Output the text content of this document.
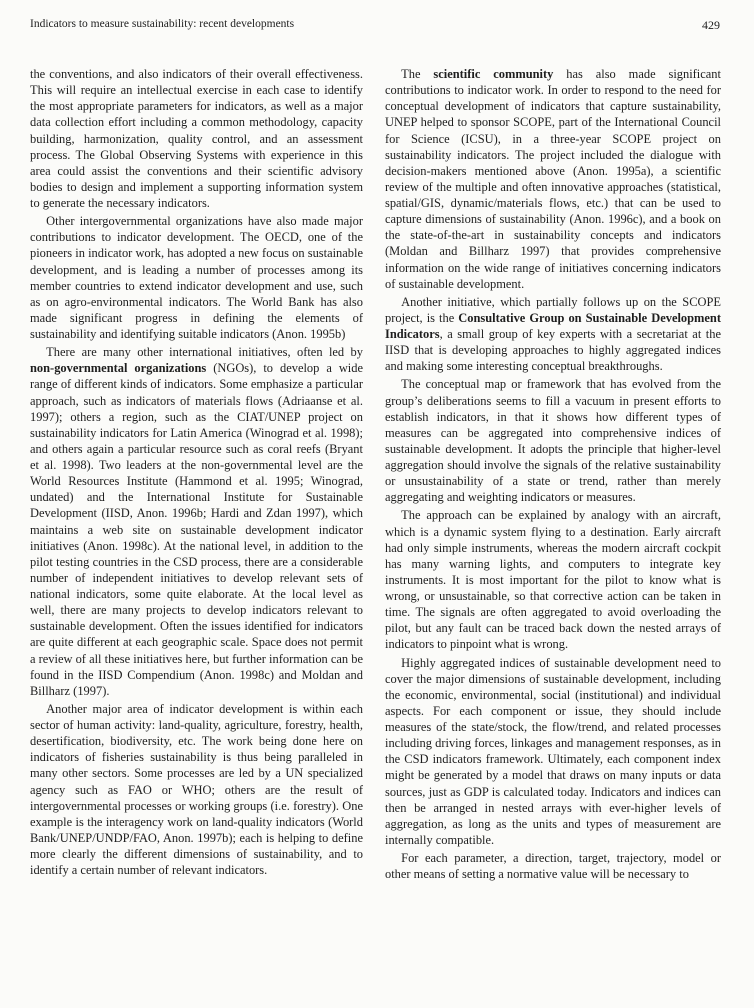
Indicators to measure sustainability: recent developments	429

the conventions, and also indicators of their overall effectiveness. This will require an intellectual exercise in each case to identify the most appropriate parameters for indicators, as well as a major data collection effort including a common methodology, capacity building, harmonization, quality control, and an assessment process. The Global Observing Systems with experience in this area could assist the conventions and their scientific advisory bodies to design and implement a supporting information system to generate the necessary indicators.

Other intergovernmental organizations have also made major contributions to indicator development. The OECD, one of the pioneers in indicator work, has adopted a new focus on sustainable development, and is leading a number of processes among its member countries to extend indicator development and use, such as on agro-environmental indicators. The World Bank has also made significant progress in defining the elements of sustainability and identifying suitable indicators (Anon. 1995b)

There are many other international initiatives, often led by non-governmental organizations (NGOs), to develop a wide range of different kinds of indicators. Some emphasize a particular approach, such as indicators of materials flows (Adriaanse et al. 1997); others a region, such as the CIAT/UNEP project on sustainability indicators for Latin America (Winograd et al. 1998); and others again a particular resource such as coral reefs (Bryant et al. 1998). Two leaders at the non-governmental level are the World Resources Institute (Hammond et al. 1995; Winograd, undated) and the International Institute for Sustainable Development (IISD, Anon. 1996b; Hardi and Zdan 1997), which maintains a web site on sustainable development indicator initiatives (Anon. 1998c). At the national level, in addition to the pilot testing countries in the CSD process, there are a considerable number of independent initiatives to develop relevant sets of national indicators, some quite elaborate. At the local level as well, there are many projects to develop indicators relevant to sustainable development. Often the issues identified for indicators are quite different at each geographic scale. Space does not permit a review of all these initiatives here, but further information can be found in the IISD Compendium (Anon. 1998c) and Moldan and Billharz (1997).

Another major area of indicator development is within each sector of human activity: land-quality, agriculture, forestry, health, desertification, biodiversity, etc. The work being done here on indicators of fisheries sustainability is thus being paralleled in many other sectors. Some processes are led by a UN specialized agency such as FAO or WHO; others are the result of intergovernmental processes or working groups (i.e. forestry). One example is the interagency work on land-quality indicators (World Bank/UNEP/UNDP/FAO, Anon. 1997b); each is helping to define more clearly the different dimensions of sustainability, and to identify a certain number of relevant indicators.

The scientific community has also made significant contributions to indicator work. In order to respond to the need for conceptual development of indicators that capture sustainability, UNEP helped to sponsor SCOPE, part of the International Council for Science (ICSU), in a three-year SCOPE project on sustainability indicators. The project included the dialogue with decision-makers mentioned above (Anon. 1995a), a scientific review of the multiple and often innovative approaches (statistical, spatial/GIS, dynamic/materials flows, etc.) that can be used to capture dimensions of sustainability (Anon. 1996c), and a book on the state-of-the-art in sustainability concepts and indicators (Moldan and Billharz 1997) that provides comprehensive information on the wide range of initiatives concerning indicators of sustainable development.

Another initiative, which partially follows up on the SCOPE project, is the Consultative Group on Sustainable Development Indicators, a small group of key experts with a secretariat at the IISD that is developing approaches to highly aggregated indices and making some interesting conceptual breakthroughs.

The conceptual map or framework that has evolved from the group’s deliberations seems to fill a vacuum in present efforts to establish indicators, in that it shows how different types of measures can be aggregated into comprehensive indices of sustainable development. It adopts the principle that higher-level aggregation should involve the signals of the relative sustainability or unsustainability of a state or trend, rather than merely aggregating and weighting indicators or measures.

The approach can be explained by analogy with an aircraft, which is a dynamic system flying to a destination. Early aircraft had only simple instruments, whereas the modern aircraft cockpit has many warning lights, and computers to integrate key instruments. It is most important for the pilot to know what is wrong, or unsustainable, so that corrective action can be taken in time. The signals are often aggregated to avoid overloading the pilot, but any fault can be traced back down the nested arrays of indicators to pinpoint what is wrong.

Highly aggregated indices of sustainable development need to cover the major dimensions of sustainable development, including the economic, environmental, social (institutional) and individual aspects. For each component or issue, they should include measures of the state/stock, the flow/trend, and related processes including driving forces, linkages and management responses, as in the CSD indicators framework. Ultimately, each component index might be generated by a model that draws on many inputs or data sources, just as GDP is calculated today. Indicators and indices can then be arranged in nested arrays with ever-higher levels of aggregation, as long as the units and types of measurement are internally compatible.

For each parameter, a direction, target, trajectory, model or other means of setting a normative value will be necessary to
